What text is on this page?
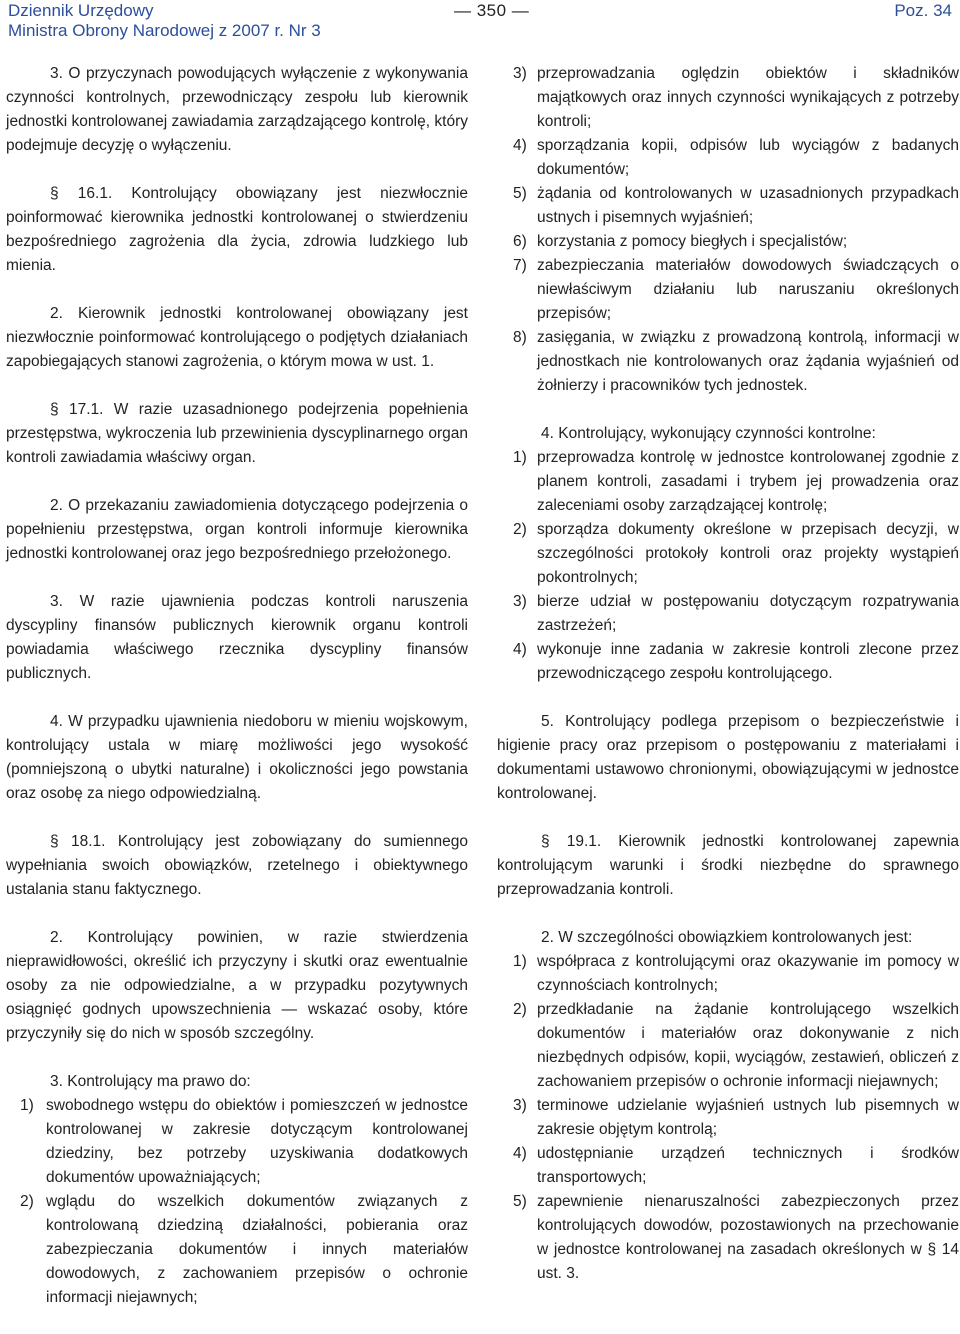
Dziennik Urzędowy
Ministra Obrony Narodowej z 2007 r. Nr 3
— 350 —	Poz. 34

3. O przyczynach powodujących wyłączenie z wykonywania czynności kontrolnych, przewodniczący zespołu lub kierownik jednostki kontrolowanej zawiadamia zarządzającego kontrolę, który podejmuje decyzję o wyłączeniu.

§ 16.1. Kontrolujący obowiązany jest niezwłocznie poinformować kierownika jednostki kontrolowanej o stwierdzeniu bezpośredniego zagrożenia dla życia, zdrowia ludzkiego lub mienia.

2. Kierownik jednostki kontrolowanej obowiązany jest niezwłocznie poinformować kontrolującego o podjętych działaniach zapobiegających stanowi zagrożenia, o którym mowa w ust. 1.

§ 17.1. W razie uzasadnionego podejrzenia popełnienia przestępstwa, wykroczenia lub przewinienia dyscyplinarnego organ kontroli zawiadamia właściwy organ.

2. O przekazaniu zawiadomienia dotyczącego podejrzenia o popełnieniu przestępstwa, organ kontroli informuje kierownika jednostki kontrolowanej oraz jego bezpośredniego przełożonego.

3. W razie ujawnienia podczas kontroli naruszenia dyscypliny finansów publicznych kierownik organu kontroli powiadamia właściwego rzecznika dyscypliny finansów publicznych.

4. W przypadku ujawnienia niedoboru w mieniu wojskowym, kontrolujący ustala w miarę możliwości jego wysokość (pomniejszoną o ubytki naturalne) i okoliczności jego powstania oraz osobę za niego odpowiedzialną.

§ 18.1. Kontrolujący jest zobowiązany do sumiennego wypełniania swoich obowiązków, rzetelnego i obiektywnego ustalania stanu faktycznego.

2. Kontrolujący powinien, w razie stwierdzenia nieprawidłowości, określić ich przyczyny i skutki oraz ewentualnie osoby za nie odpowiedzialne, a w przypadku pozytywnych osiągnięć godnych upowszechnienia — wskazać osoby, które przyczyniły się do nich w sposób szczególny.

3. Kontrolujący ma prawo do:

1) swobodnego wstępu do obiektów i pomieszczeń w jednostce kontrolowanej w zakresie dotyczącym kontrolowanej dziedziny, bez potrzeby uzyskiwania dodatkowych dokumentów upoważniających;
2) wglądu do wszelkich dokumentów związanych z kontrolowaną dziedziną działalności, pobierania oraz zabezpieczania dokumentów i innych materiałów dowodowych, z zachowaniem przepisów o ochronie informacji niejawnych;
3) przeprowadzania oględzin obiektów i składników majątkowych oraz innych czynności wynikających z potrzeby kontroli;
4) sporządzania kopii, odpisów lub wyciągów z badanych dokumentów;
5) żądania od kontrolowanych w uzasadnionych przypadkach ustnych i pisemnych wyjaśnień;
6) korzystania z pomocy biegłych i specjalistów;
7) zabezpieczania materiałów dowodowych świadczących o niewłaściwym działaniu lub naruszaniu określonych przepisów;
8) zasięgania, w związku z prowadzoną kontrolą, informacji w jednostkach nie kontrolowanych oraz żądania wyjaśnień od żołnierzy i pracowników tych jednostek.

4. Kontrolujący, wykonujący czynności kontrolne:

1) przeprowadza kontrolę w jednostce kontrolowanej zgodnie z planem kontroli, zasadami i trybem jej prowadzenia oraz zaleceniami osoby zarządzającej kontrolę;
2) sporządza dokumenty określone w przepisach decyzji, w szczególności protokoły kontroli oraz projekty wystąpień pokontrolnych;
3) bierze udział w postępowaniu dotyczącym rozpatrywania zastrzeżeń;
4) wykonuje inne zadania w zakresie kontroli zlecone przez przewodniczącego zespołu kontrolującego.

5. Kontrolujący podlega przepisom o bezpieczeństwie i higienie pracy oraz przepisom o postępowaniu z materiałami i dokumentami ustawowo chronionymi, obowiązującymi w jednostce kontrolowanej.

§ 19.1. Kierownik jednostki kontrolowanej zapewnia kontrolującym warunki i środki niezbędne do sprawnego przeprowadzania kontroli.

2. W szczególności obowiązkiem kontrolowanych jest:

1) współpraca z kontrolującymi oraz okazywanie im pomocy w czynnościach kontrolnych;
2) przedkładanie na żądanie kontrolującego wszelkich dokumentów i materiałów oraz dokonywanie z nich niezbędnych odpisów, kopii, wyciągów, zestawień, obliczeń z zachowaniem przepisów o ochronie informacji niejawnych;
3) terminowe udzielanie wyjaśnień ustnych lub pisemnych w zakresie objętym kontrolą;
4) udostępnianie urządzeń technicznych i środków transportowych;
5) zapewnienie nienaruszalności zabezpieczonych przez kontrolujących dowodów, pozostawionych na przechowanie w jednostce kontrolowanej na zasadach określonych w § 14 ust. 3.
